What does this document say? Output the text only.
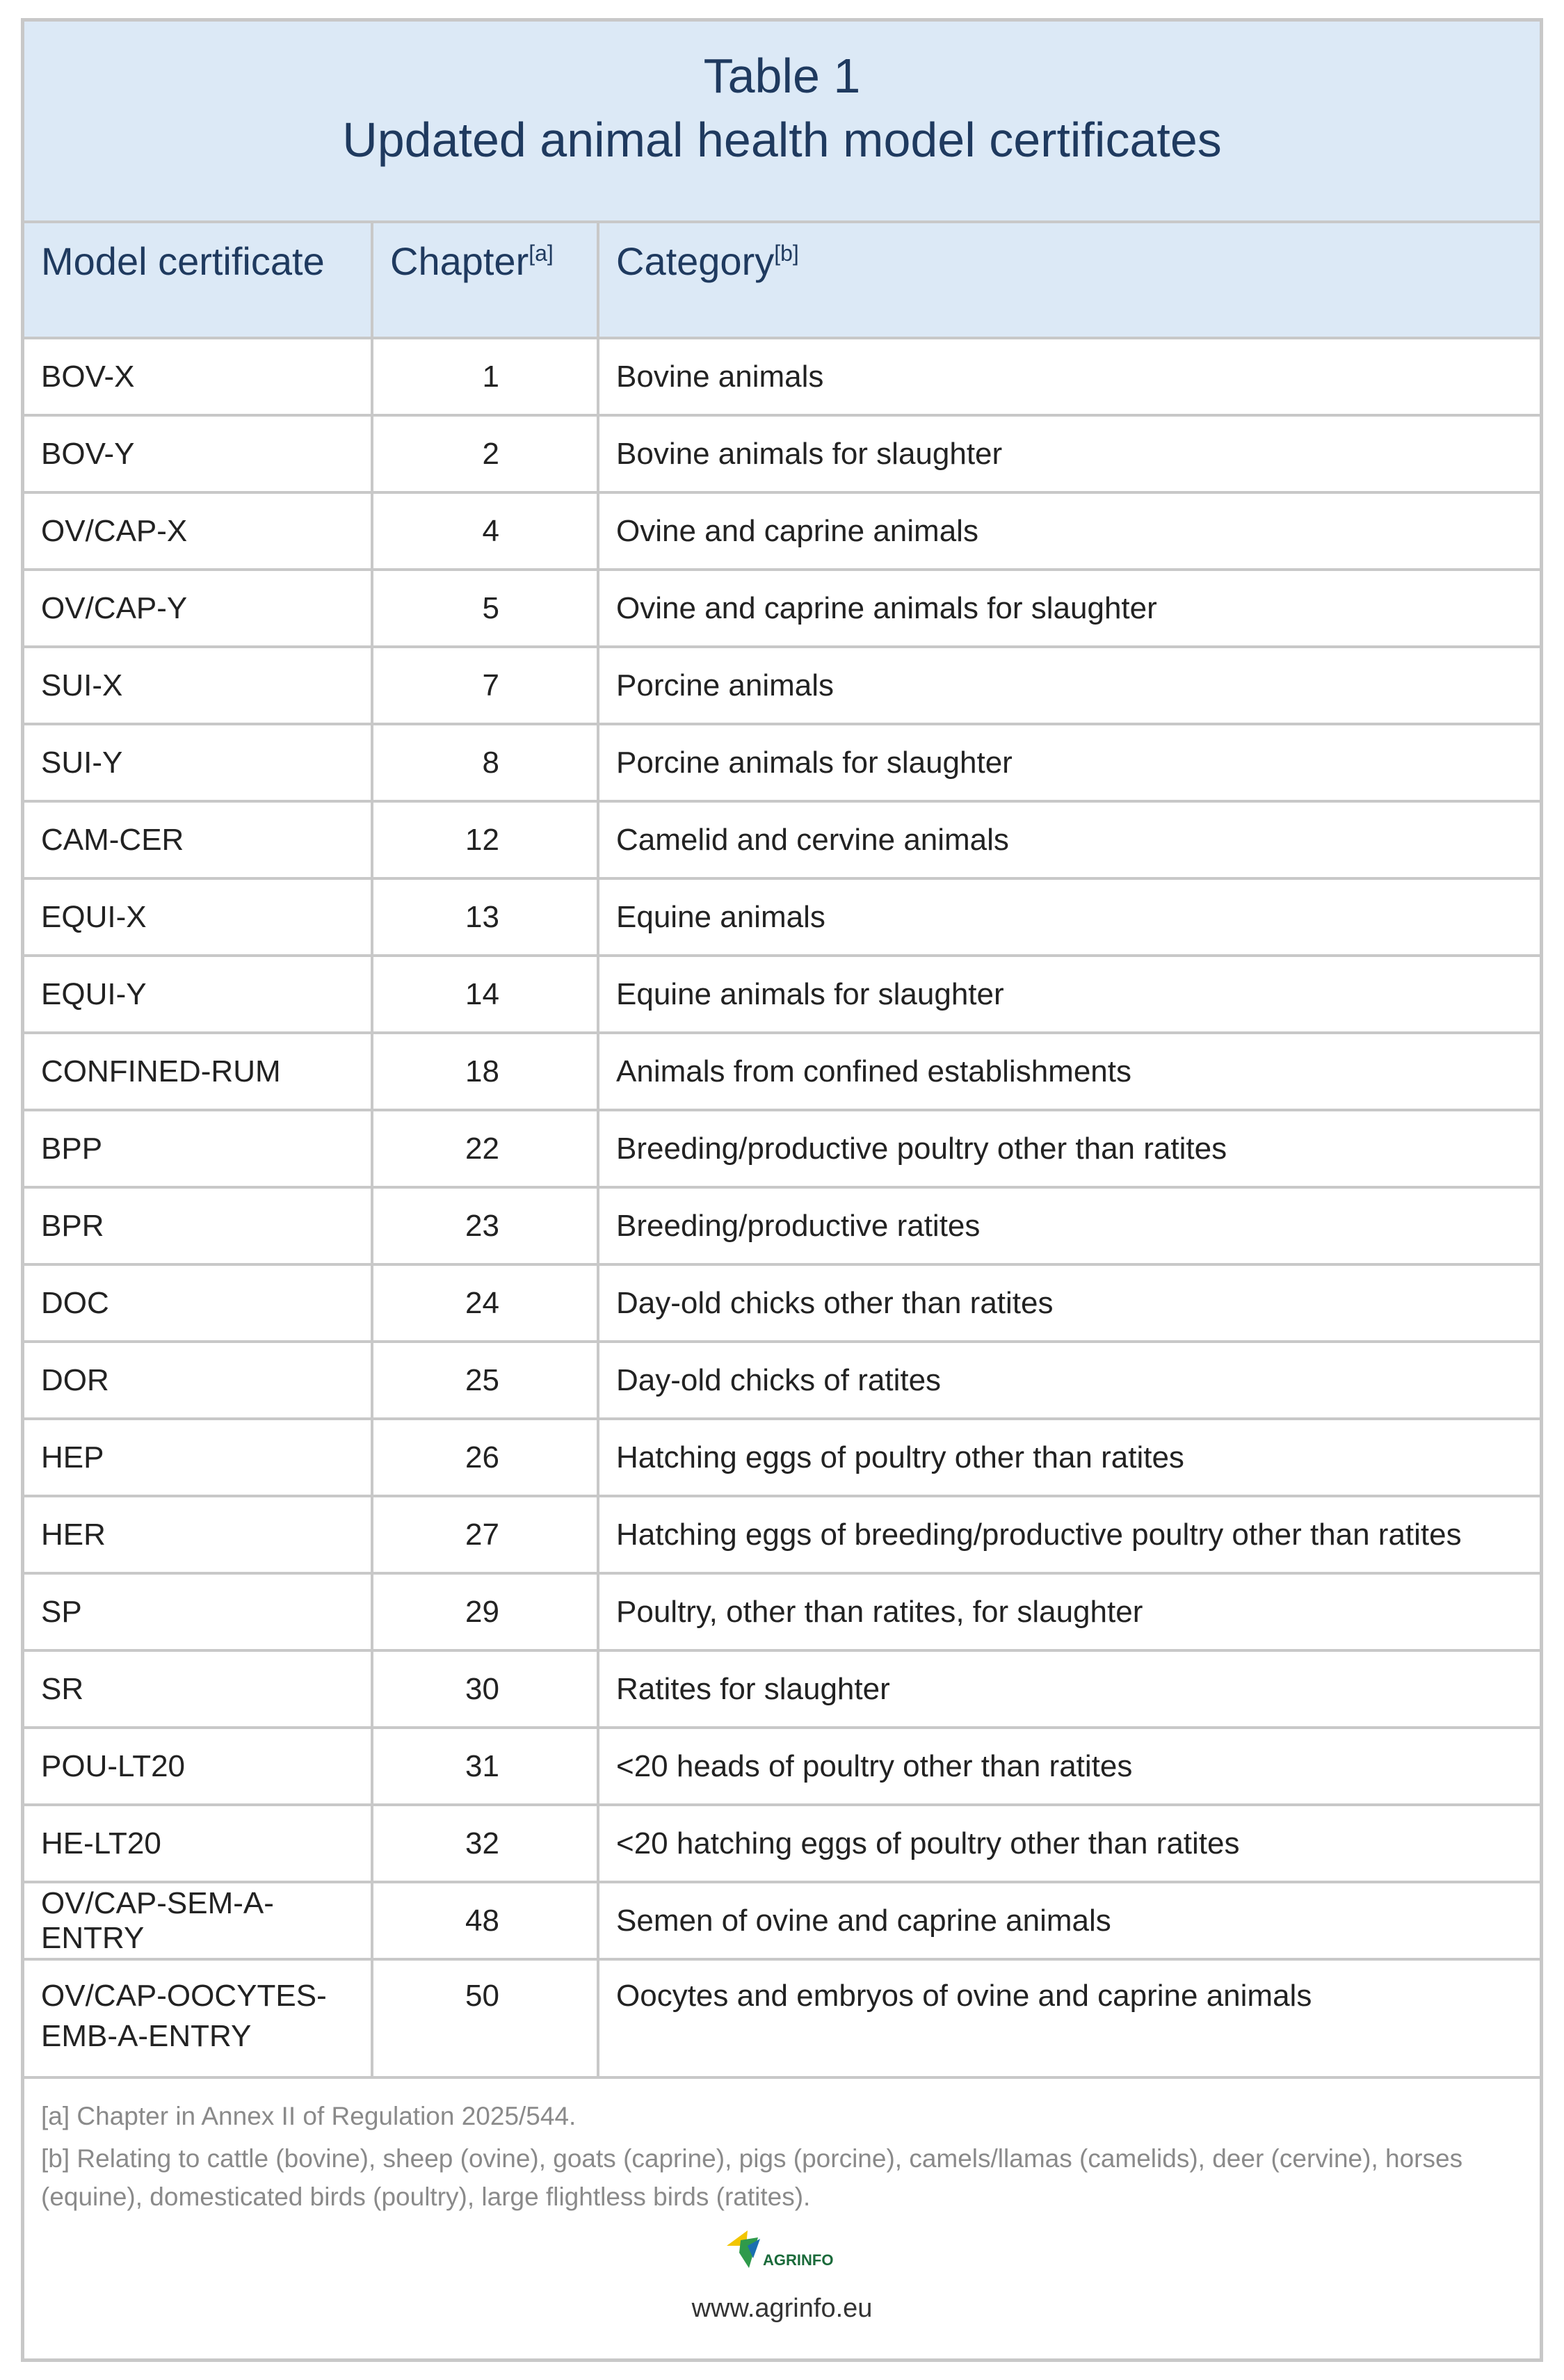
Table 1
Updated animal health model certificates
Model certificate	Chapter[a]	Category[b]
BOV-X	1	Bovine animals
BOV-Y	2	Bovine animals for slaughter
OV/CAP-X	4	Ovine and caprine animals
OV/CAP-Y	5	Ovine and caprine animals for slaughter
SUI-X	7	Porcine animals
SUI-Y	8	Porcine animals for slaughter
CAM-CER	12	Camelid and cervine animals
EQUI-X	13	Equine animals
EQUI-Y	14	Equine animals for slaughter
CONFINED-RUM	18	Animals from confined establishments
BPP	22	Breeding/productive poultry other than ratites
BPR	23	Breeding/productive ratites
DOC	24	Day-old chicks other than ratites
DOR	25	Day-old chicks of ratites
HEP	26	Hatching eggs of poultry other than ratites
HER	27	Hatching eggs of breeding/productive poultry other than ratites
SP	29	Poultry, other than ratites, for slaughter
SR	30	Ratites for slaughter
POU-LT20	31	<20 heads of poultry other than ratites
HE-LT20	32	<20 hatching eggs of poultry other than ratites
OV/CAP-SEM-A-ENTRY	48	Semen of ovine and caprine animals
OV/CAP-OOCYTES-
EMB-A-ENTRY	50	Oocytes and embryos of ovine and caprine animals

[a] Chapter in Annex II of Regulation 2025/544.

[b] Relating to cattle (bovine), sheep (ovine), goats (caprine), pigs (porcine), camels/llamas (camelids), deer (cervine), horses (equine), domesticated birds (poultry), large flightless birds (ratites).

AGRINFO
www.agrinfo.eu
